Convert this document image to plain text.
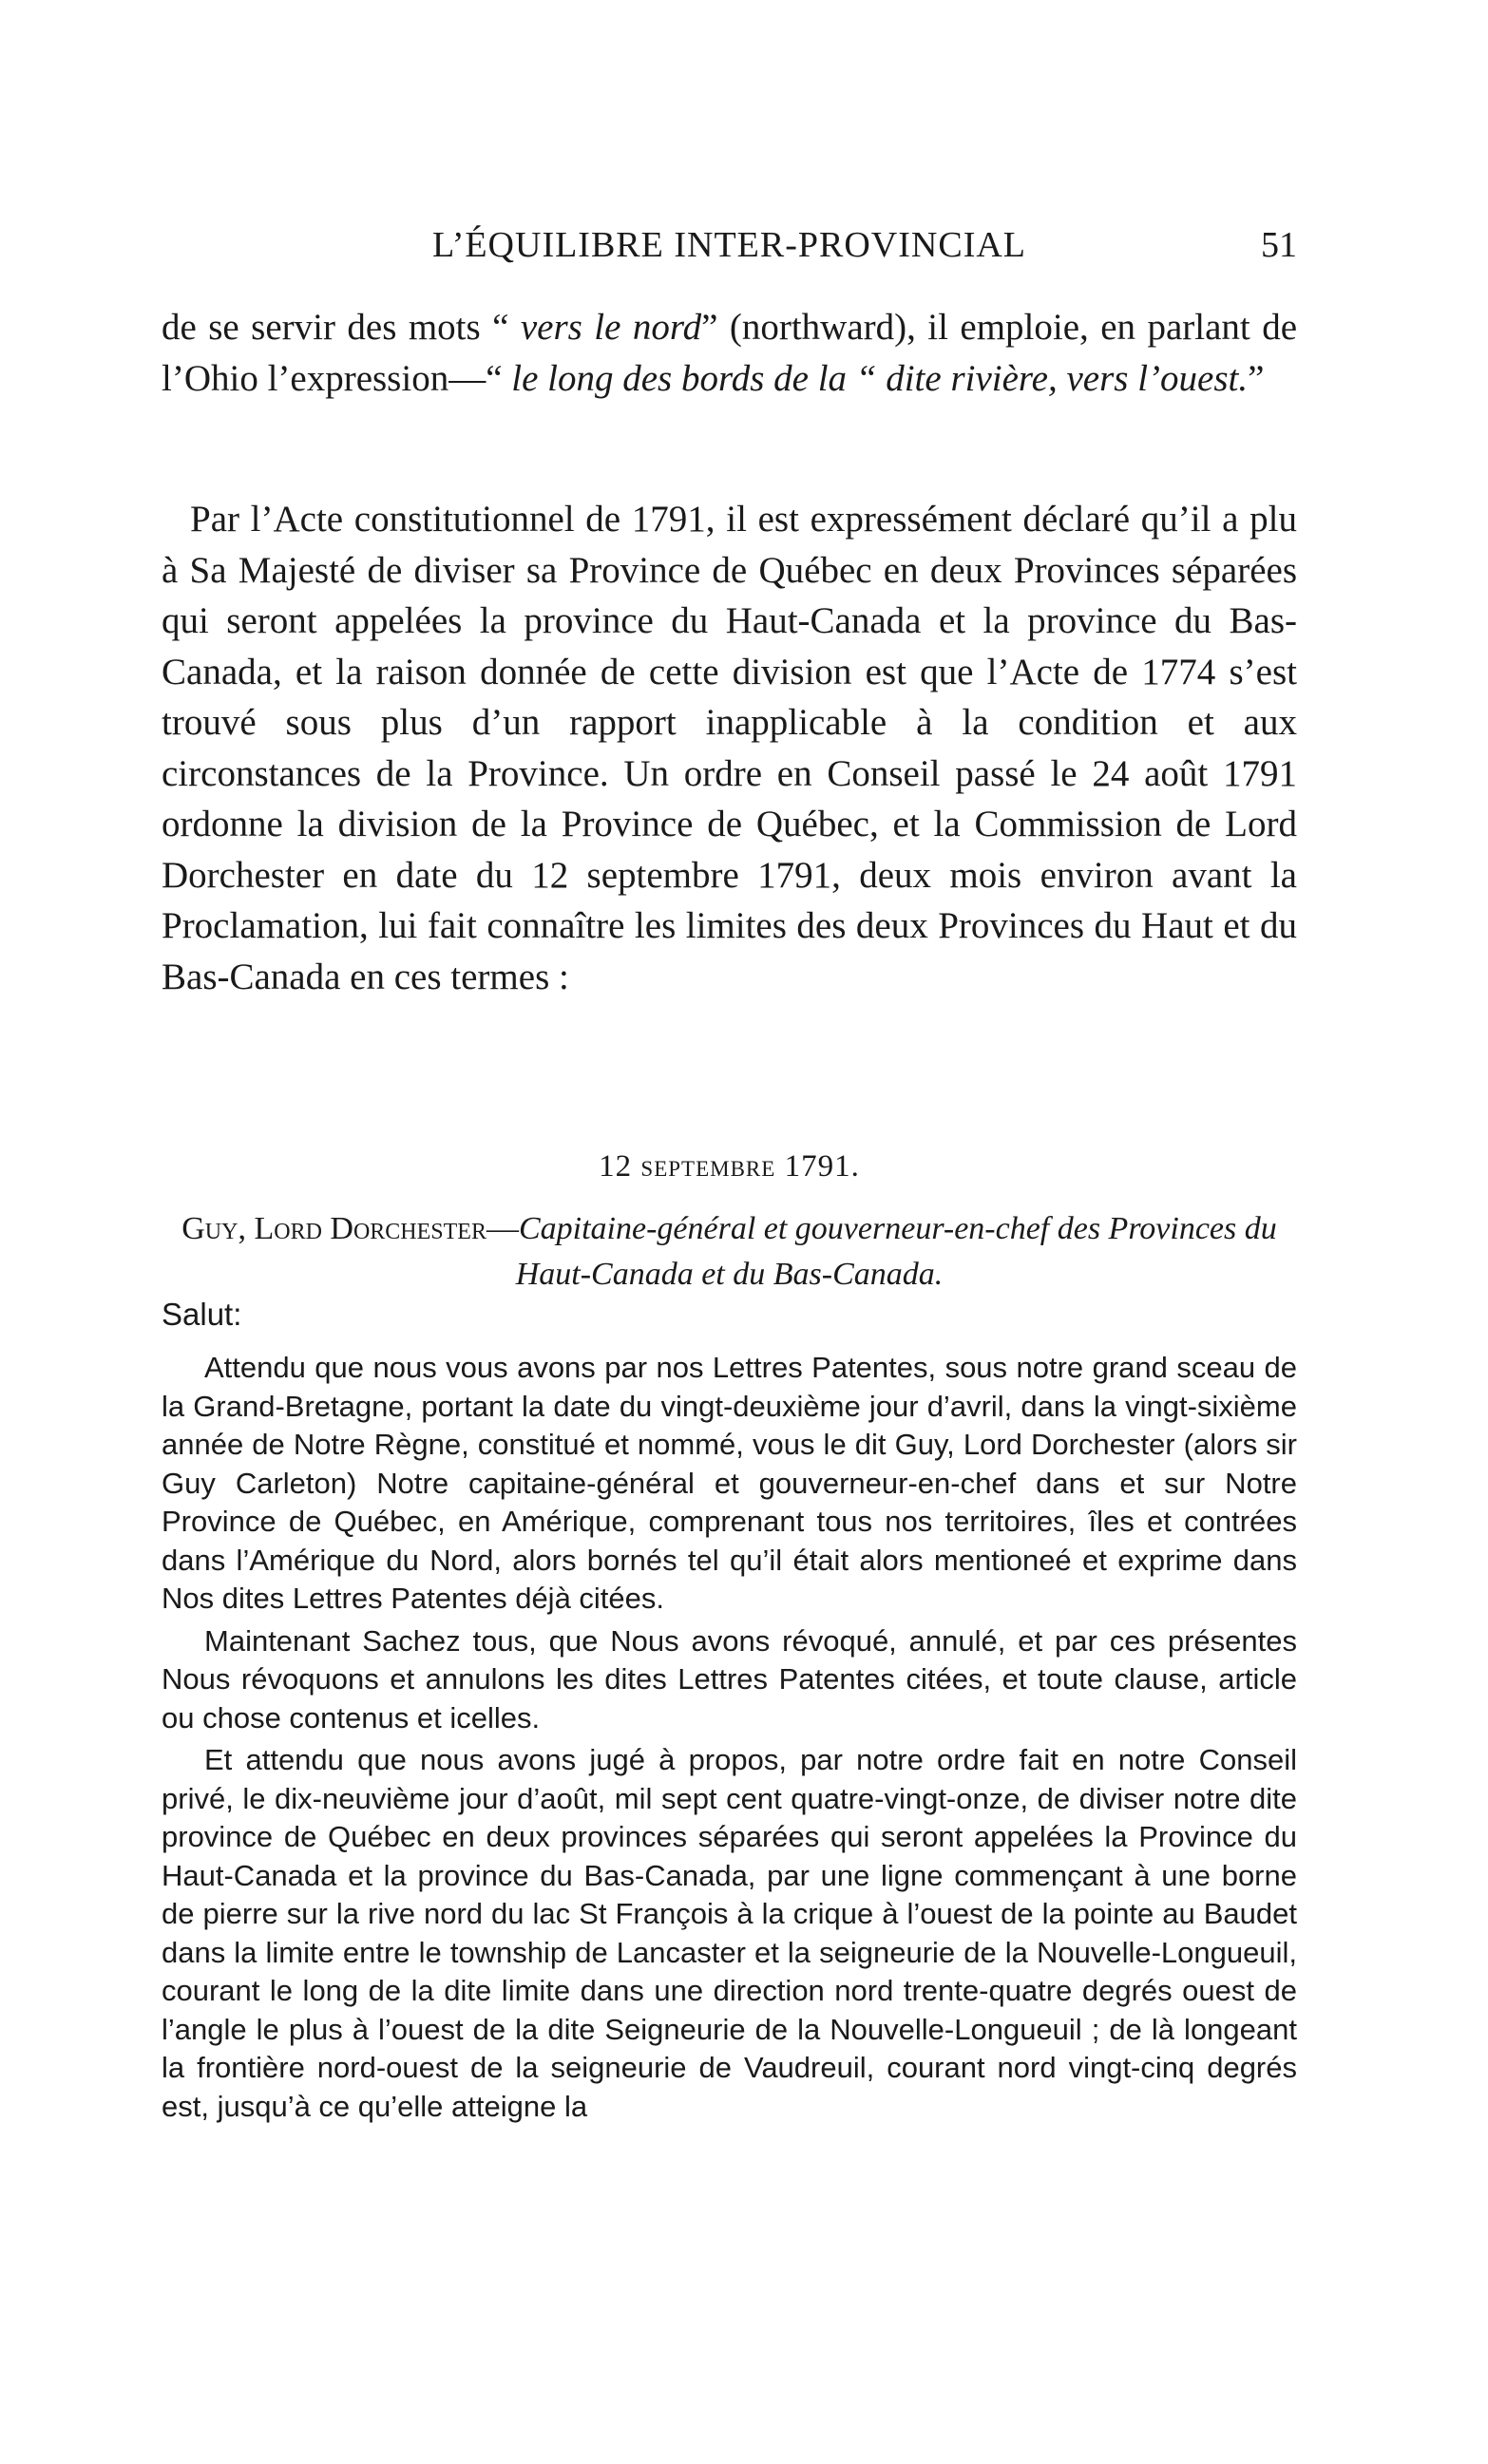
L’ÉQUILIBRE INTER-PROVINCIAL	51

de se servir des mots “ vers le nord” (northward), il emploie, en parlant de l’Ohio l’expression—“ le long des bords de la “ dite rivière, vers l’ouest.”

Par l’Acte constitutionnel de 1791, il est expressément déclaré qu’il a plu à Sa Majesté de diviser sa Province de Québec en deux Provinces séparées qui seront appelées la province du Haut-Canada et la province du Bas-Canada, et la raison donnée de cette division est que l’Acte de 1774 s’est trouvé sous plus d’un rapport inapplicable à la condition et aux circonstances de la Province. Un ordre en Conseil passé le 24 août 1791 ordonne la division de la Province de Québec, et la Commission de Lord Dorchester en date du 12 septembre 1791, deux mois environ avant la Proclamation, lui fait connaître les limites des deux Provinces du Haut et du Bas-Canada en ces termes :

12 septembre 1791.
Guy, Lord Dorchester—Capitaine-général et gouverneur-en-chef des Provinces du Haut-Canada et du Bas-Canada.
Salut:

Attendu que nous vous avons par nos Lettres Patentes, sous notre grand sceau de la Grand-Bretagne, portant la date du vingt-deuxième jour d’avril, dans la vingt-sixième année de Notre Règne, constitué et nommé, vous le dit Guy, Lord Dorchester (alors sir Guy Carleton) Notre capitaine-général et gouverneur-en-chef dans et sur Notre Province de Québec, en Amérique, comprenant tous nos territoires, îles et contrées dans l’Amérique du Nord, alors bornés tel qu’il était alors mentioneé et exprime dans Nos dites Lettres Patentes déjà citées.

Maintenant Sachez tous, que Nous avons révoqué, annulé, et par ces présentes Nous révoquons et annulons les dites Lettres Patentes citées, et toute clause, article ou chose contenus et icelles.

Et attendu que nous avons jugé à propos, par notre ordre fait en notre Conseil privé, le dix-neuvième jour d’août, mil sept cent quatre-vingt-onze, de diviser notre dite province de Québec en deux provinces séparées qui seront appelées la Province du Haut-Canada et la province du Bas-Canada, par une ligne commençant à une borne de pierre sur la rive nord du lac St François à la crique à l’ouest de la pointe au Baudet dans la limite entre le township de Lancaster et la seigneurie de la Nouvelle-Longueuil, courant le long de la dite limite dans une direction nord trente-quatre degrés ouest de l’angle le plus à l’ouest de la dite Seigneurie de la Nouvelle-Longueuil ; de là longeant la frontière nord-ouest de la seigneurie de Vaudreuil, courant nord vingt-cinq degrés est, jusqu’à ce qu’elle atteigne la
